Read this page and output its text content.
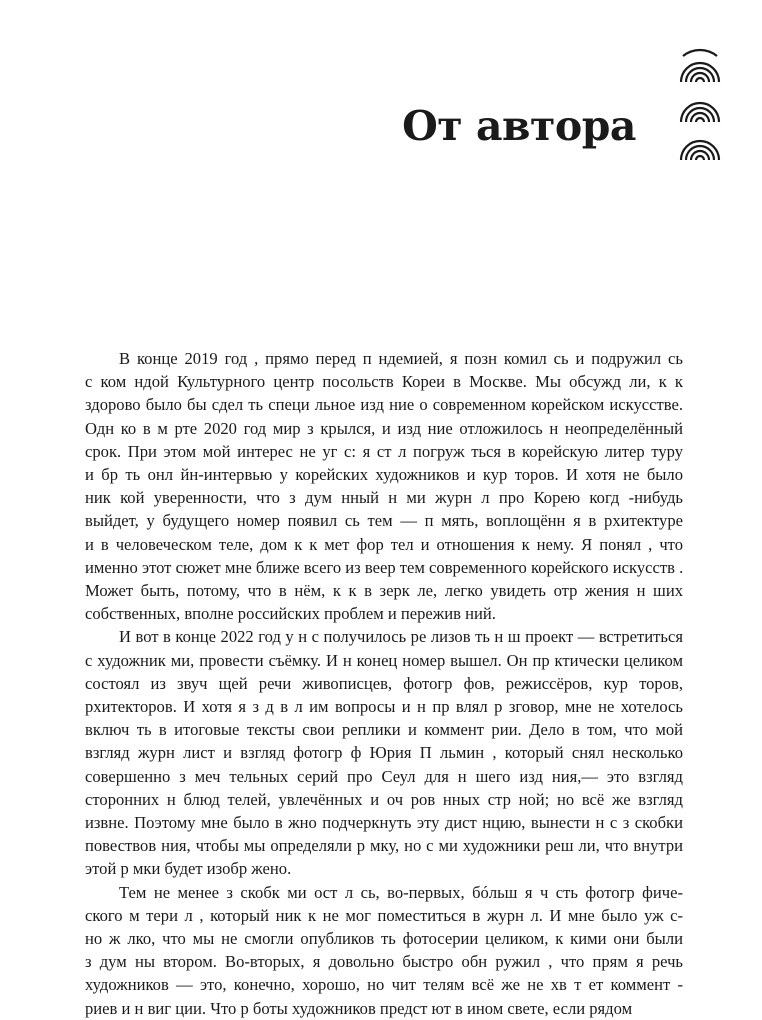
От автора

В конце 2019 год , прямо перед п ндемией, я позн комил сь и подружил сь
с ком ндой Культурного центр посольств Кореи в Москве. Мы обсужд ли, к к
здорово было бы сдел ть специ льное изд ние о современном корейском искусстве.
Одн ко в м рте 2020 год мир з крылся, и изд ние отложилось н неопределённый
срок. При этом мой интерес не уг с: я ст л погруж ться в корейскую литер туру
и бр ть онл йн-интервью у корейских художников и кур торов. И хотя не было
ник кой уверенности, что з дум нный н ми журн л про Корею когд -нибудь
выйдет, у будущего номер появил сь тем — п мять, воплощённ я в рхитектуре
и в человеческом теле, дом к к мет фор тел и отношения к нему. Я понял , что
именно этот сюжет мне ближе всего из веер тем современного корейского искусств .
Может быть, потому, что в нём, к к в зерк ле, легко увидеть отр жения н ших
собственных, вполне российских проблем и пережив ний.

И вот в конце 2022 год у н с получилось ре лизов ть н ш проект — встретиться
с художник ми, провести съёмку. И н конец номер вышел. Он пр ктически целиком
состоял из звуч щей речи живописцев, фотогр фов, режиссёров, кур торов,
рхитекторов. И хотя я з д в л им вопросы и н пр влял р зговор, мне не хотелось
включ ть в итоговые тексты свои реплики и коммент рии. Дело в том, что мой
взгляд журн лист и взгляд фотогр ф Юрия П льмин , который снял несколько
совершенно з меч тельных серий про Сеул для н шего изд ния,— это взгляд
сторонних н блюд телей, увлечённых и оч ров нных стр ной; но всё же взгляд
извне. Поэтому мне было в жно подчеркнуть эту дист нцию, вынести н с з скобки
повествов ния, чтобы мы определяли р мку, но с ми художники реш ли, что внутри
этой р мки будет изобр жено.

Тем не менее з скобк ми ост л сь, во-первых, бóльш я ч сть фотогр фиче-
ского м тери л , который ник к не мог поместиться в журн л. И мне было уж с-
но ж лко, что мы не смогли опубликов ть фотосерии целиком, к кими они были
з дум ны втором. Во-вторых, я довольно быстро обн ружил , что прям я речь
художников — это, конечно, хорошо, но чит телям всё же не хв т ет коммент -
риев и н виг ции. Что р боты художников предст ют в ином свете, если рядом
